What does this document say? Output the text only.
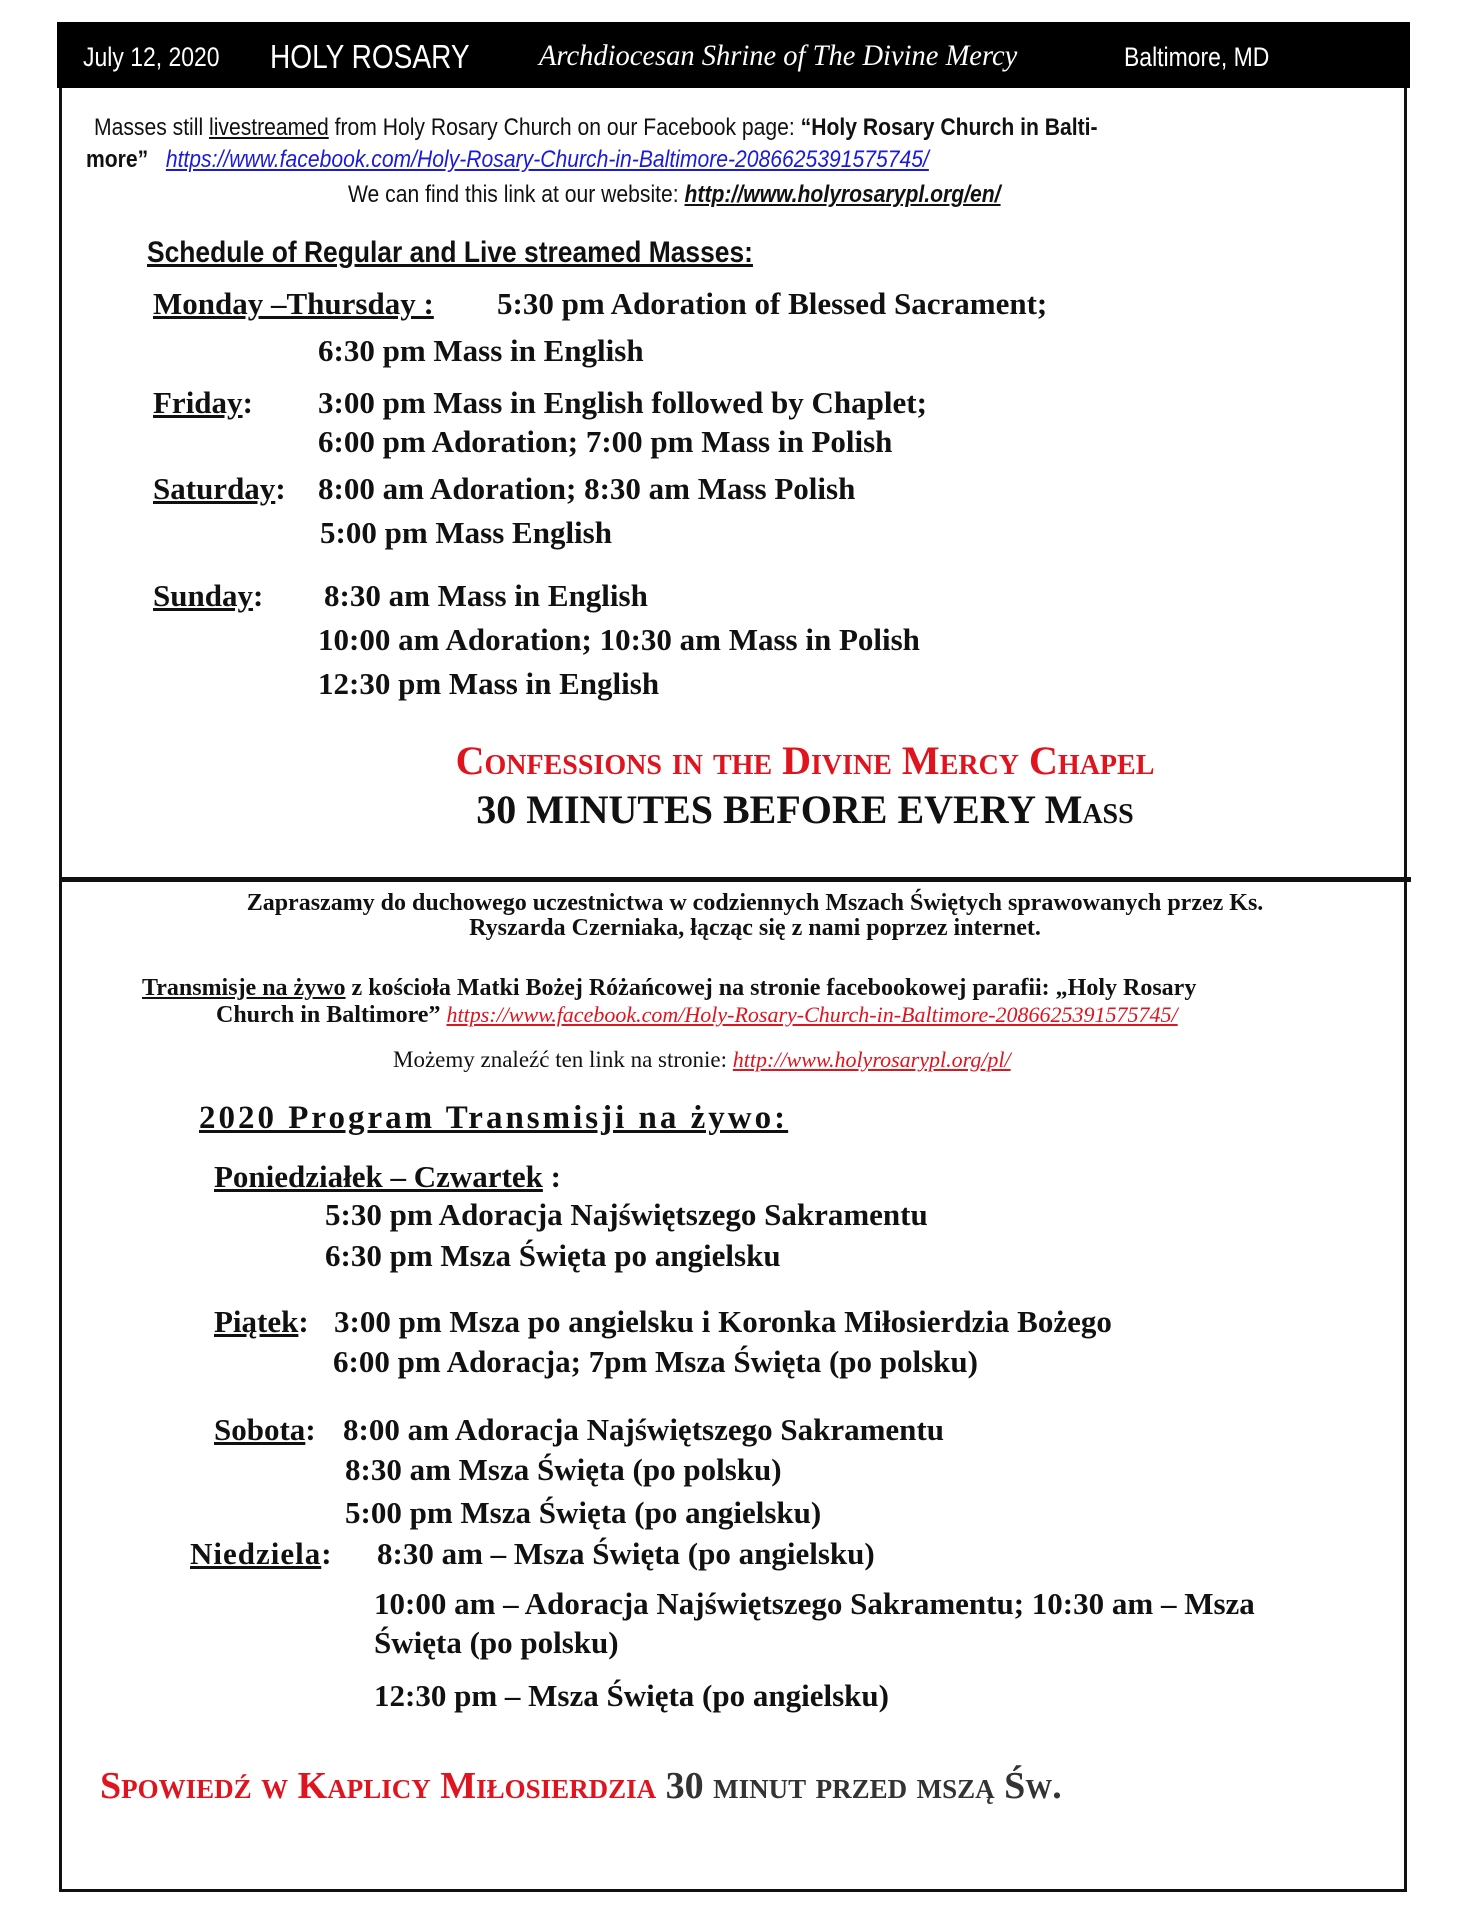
July 12, 2020 HOLY ROSARY Archdiocesan Shrine of The Divine Mercy	Baltimore, MD
Masses still livestreamed from Holy Rosary Church on our Facebook page: “Holy Rosary Church in Balti-
more” https://www.facebook.com/Holy-Rosary-Church-in-Baltimore-2086625391575745/
We can find this link at our website: http://www.holyrosarypl.org/en/
Schedule of Regular and Live streamed Masses:
Monday –Thursday : 5:30 pm Adoration of Blessed Sacrament;
6:30 pm Mass in English
Friday: 3:00 pm Mass in English followed by Chaplet;
6:00 pm Adoration; 7:00 pm Mass in Polish
Saturday: 8:00 am Adoration; 8:30 am Mass Polish
5:00 pm Mass English
Sunday: 8:30 am Mass in English
10:00 am Adoration; 10:30 am Mass in Polish
12:30 pm Mass in English
Confessions in the Divine Mercy Chapel
30 MINUTES BEFORE EVERY Mass
Zapraszamy do duchowego uczestnictwa w codziennych Mszach Świętych sprawowanych przez Ks.
Ryszarda Czerniaka, łącząc się z nami poprzez internet.
Transmisje na żywo z kościoła Matki Bożej Różańcowej na stronie facebookowej parafii: „Holy Rosary
Church in Baltimore” https://www.facebook.com/Holy-Rosary-Church-in-Baltimore-2086625391575745/
Możemy znaleźć ten link na stronie: http://www.holyrosarypl.org/pl/
2020 Program Transmisji na żywo:
Poniedziałek – Czwartek :
5:30 pm Adoracja Najświętszego Sakramentu
6:30 pm Msza Święta po angielsku
Piątek: 3:00 pm Msza po angielsku i Koronka Miłosierdzia Bożego
6:00 pm Adoracja; 7pm Msza Święta (po polsku)
Sobota: 8:00 am Adoracja Najświętszego Sakramentu
8:30 am Msza Święta (po polsku)
5:00 pm Msza Święta (po angielsku)
Niedziela: 8:30 am – Msza Święta (po angielsku)
10:00 am – Adoracja Najświętszego Sakramentu; 10:30 am – Msza
Święta (po polsku)
12:30 pm – Msza Święta (po angielsku)
Spowiedź w Kaplicy Miłosierdzia 30 minut przed mszą Św.
